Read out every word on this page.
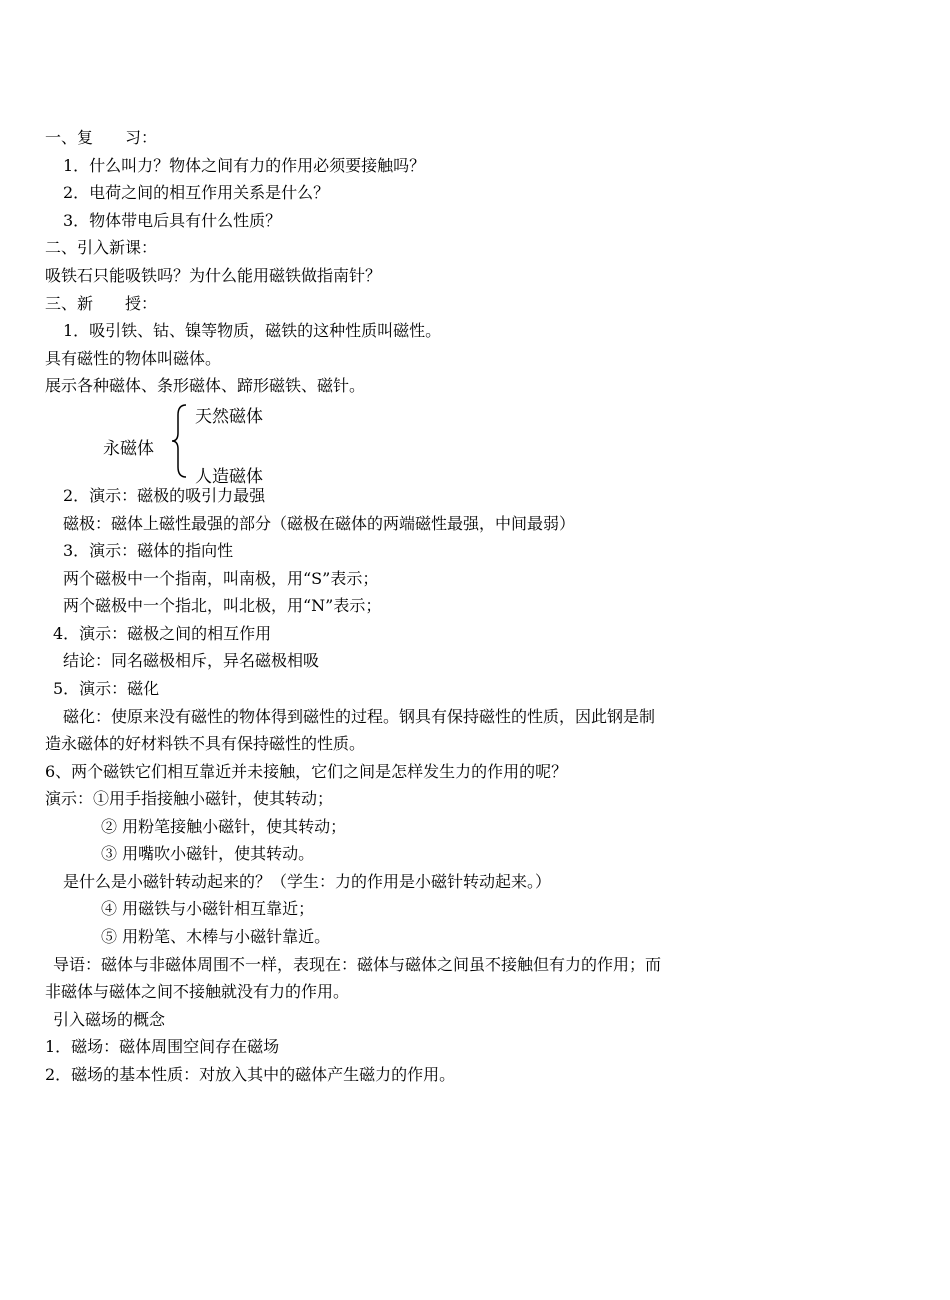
一、复　　习：
1．什么叫力？物体之间有力的作用必须要接触吗？
2．电荷之间的相互作用关系是什么？
3．物体带电后具有什么性质？
二、引入新课：
吸铁石只能吸铁吗？为什么能用磁铁做指南针？
三、新　　授：
1．吸引铁、钴、镍等物质，磁铁的这种性质叫磁性。
具有磁性的物体叫磁体。
展示各种磁体、条形磁体、蹄形磁铁、磁针。
永磁体
天然磁体
人造磁体
2．演示：磁极的吸引力最强
磁极：磁体上磁性最强的部分（磁极在磁体的两端磁性最强，中间最弱）
3．演示：磁体的指向性
两个磁极中一个指南，叫南极，用“S”表示；
两个磁极中一个指北，叫北极，用“N”表示；
4．演示：磁极之间的相互作用
结论：同名磁极相斥，异名磁极相吸
5．演示：磁化
磁化：使原来没有磁性的物体得到磁性的过程。钢具有保持磁性的性质，因此钢是制
造永磁体的好材料铁不具有保持磁性的性质。
6、两个磁铁它们相互靠近并未接触，它们之间是怎样发生力的作用的呢？
演示：①用手指接触小磁针，使其转动；
② 用粉笔接触小磁针，使其转动；
③ 用嘴吹小磁针，使其转动。
是什么是小磁针转动起来的？（学生：力的作用是小磁针转动起来。）
④ 用磁铁与小磁针相互靠近；
⑤ 用粉笔、木棒与小磁针靠近。
导语：磁体与非磁体周围不一样，表现在：磁体与磁体之间虽不接触但有力的作用；而
非磁体与磁体之间不接触就没有力的作用。
引入磁场的概念
1．磁场：磁体周围空间存在磁场
2．磁场的基本性质：对放入其中的磁体产生磁力的作用。
